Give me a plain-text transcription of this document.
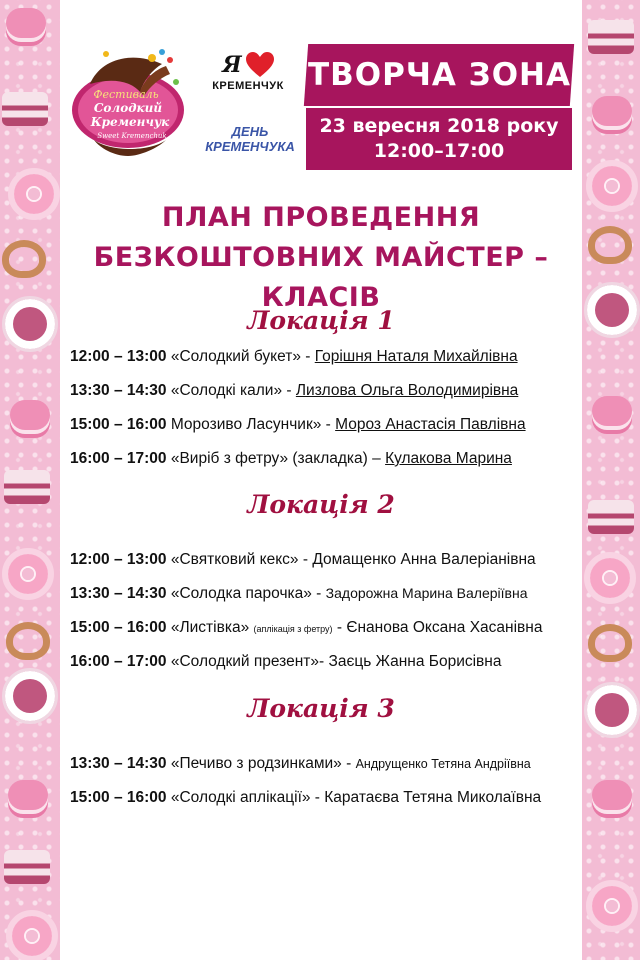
Фестиваль
Солодкий
Кременчук
Sweet Kremenchuk
Я
КРЕМЕНЧУК
ДЕНЬ
КРЕМЕНЧУКА
ТВОРЧА ЗОНА
23 вересня 2018 року
12:00–17:00
ПЛАН ПРОВЕДЕННЯ
БЕЗКОШТОВНИХ МАЙСТЕР – КЛАСІВ
Локація 1
12:00 – 13:00 «Солодкий букет» - Горішня Наталя Михайлівна
13:30 – 14:30 «Солодкі кали» - Лизлова Ольга Володимирівна
15:00 – 16:00 Морозиво Ласунчик» - Мороз Анастасія Павлівна
16:00 – 17:00 «Виріб з фетру» (закладка) – Кулакова Марина
Локація 2
12:00 – 13:00 «Святковий кекс» - Домащенко Анна Валеріанівна
13:30 – 14:30 «Солодка парочка» - Задорожна Марина Валеріївна
15:00 – 16:00 «Листівка» (аплікація з фетру) - Єнанова Оксана Хасанівна
16:00 – 17:00 «Солодкий презент»- Заєць Жанна Борисівна
Локація 3
13:30 – 14:30 «Печиво з родзинками» - Андрущенко Тетяна Андріївна
15:00 – 16:00 «Солодкі аплікації» - Каратаєва Тетяна Миколаївна
